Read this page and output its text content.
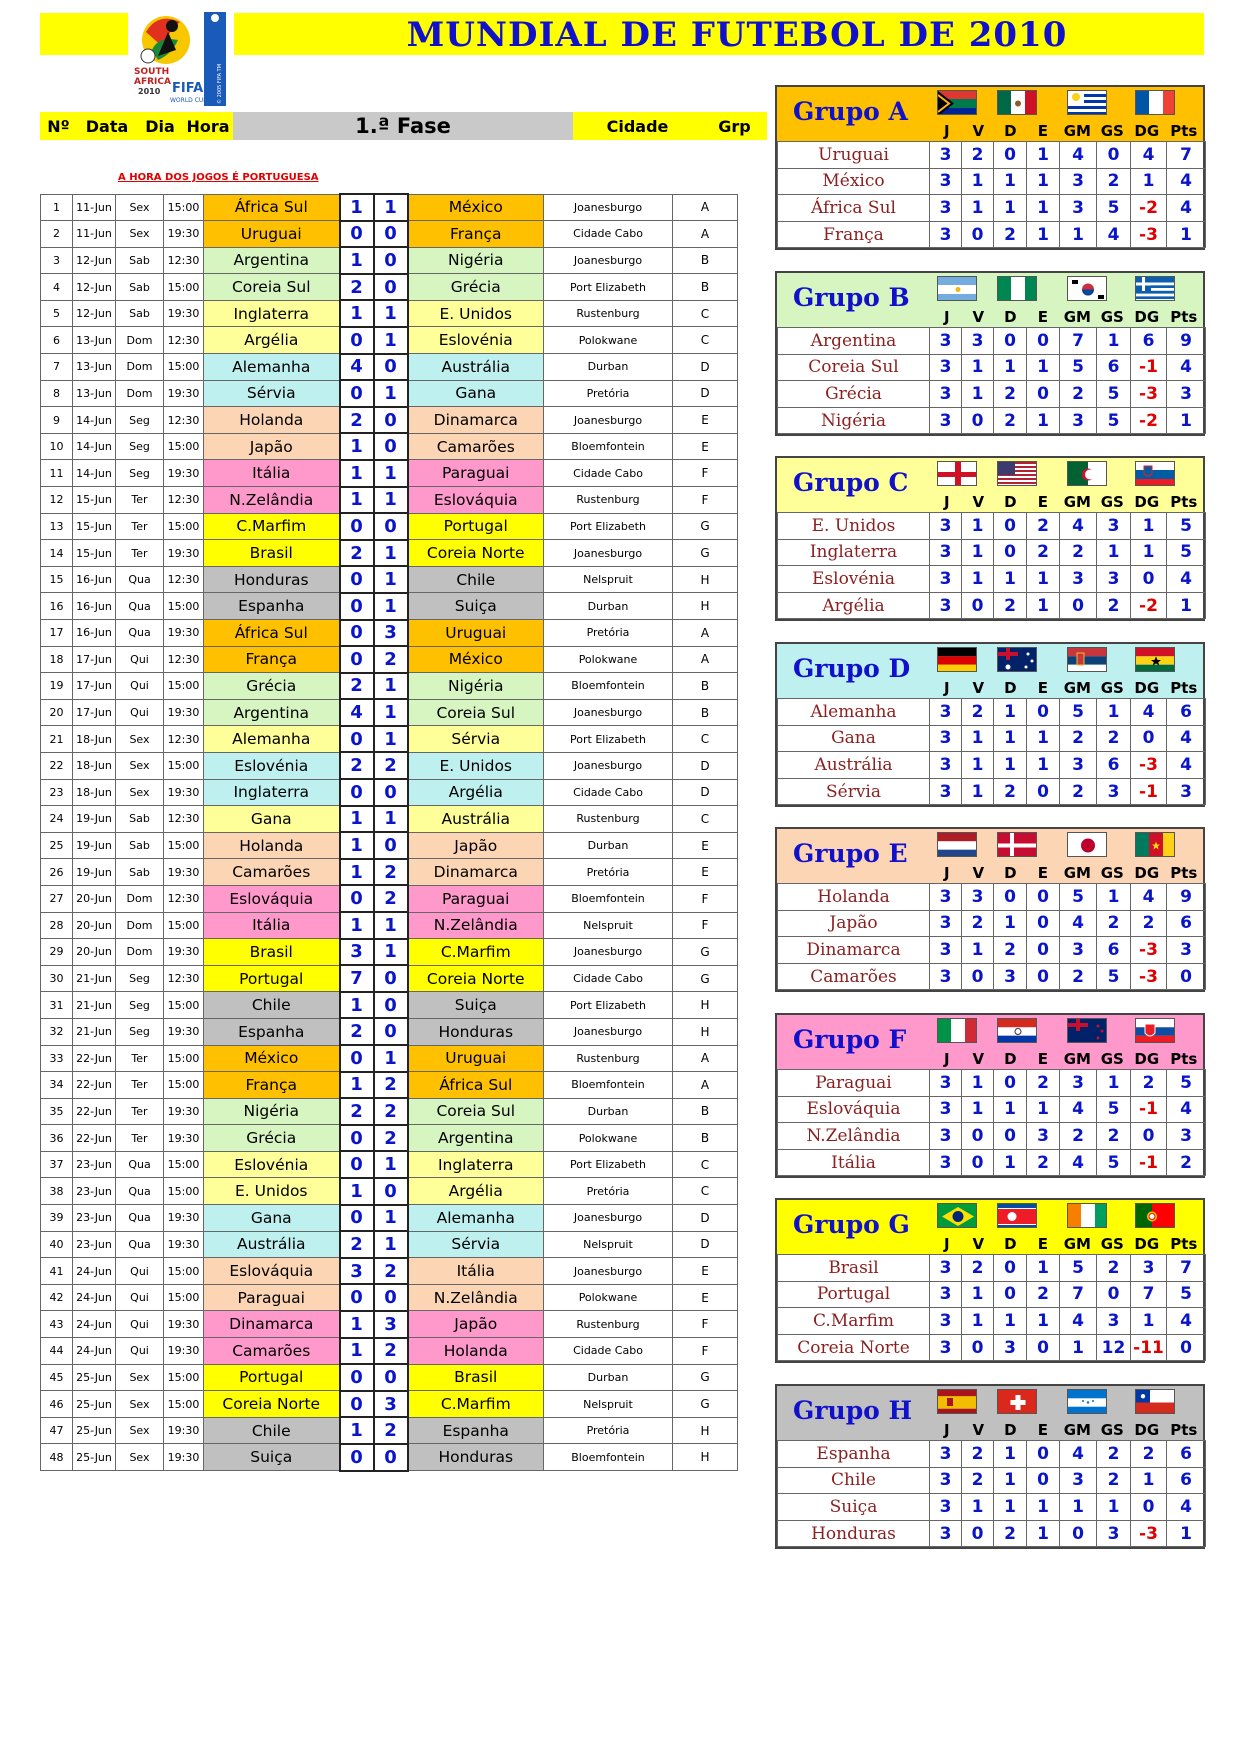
MUNDIAL DE FUTEBOL DE 2010
SOUTH
AFRICA
2010 FIFA
WORLD CUP © 2005 FIFA TM
Nº	Data	Dia Hora	1.ª Fase	Cidade	Grp
A HORA DOS JOGOS É PORTUGUESA
1	11-Jun	Sex	15:00	África Sul	1	1	México	Joanesburgo	A
2	11-Jun	Sex	19:30	Uruguai	0	0	França	Cidade Cabo	A
3	12-Jun	Sab	12:30	Argentina	1	0	Nigéria	Joanesburgo	B
4	12-Jun	Sab	15:00	Coreia Sul	2	0	Grécia	Port Elizabeth	B
5	12-Jun	Sab	19:30	Inglaterra	1	1	E. Unidos	Rustenburg	C
6	13-Jun	Dom	12:30	Argélia	0	1	Eslovénia	Polokwane	C
7	13-Jun	Dom	15:00	Alemanha	4	0	Austrália	Durban	D
8	13-Jun	Dom	19:30	Sérvia	0	1	Gana	Pretória	D
9	14-Jun	Seg	12:30	Holanda	2	0	Dinamarca	Joanesburgo	E
10	14-Jun	Seg	15:00	Japão	1	0	Camarões	Bloemfontein	E
11	14-Jun	Seg	19:30	Itália	1	1	Paraguai	Cidade Cabo	F
12	15-Jun	Ter	12:30	N.Zelândia	1	1	Eslováquia	Rustenburg	F
13	15-Jun	Ter	15:00	C.Marfim	0	0	Portugal	Port Elizabeth	G
14	15-Jun	Ter	19:30	Brasil	2	1	Coreia Norte	Joanesburgo	G
15	16-Jun	Qua	12:30	Honduras	0	1	Chile	Nelspruit	H
16	16-Jun	Qua	15:00	Espanha	0	1	Suiça	Durban	H
17	16-Jun	Qua	19:30	África Sul	0	3	Uruguai	Pretória	A
18	17-Jun	Qui	12:30	França	0	2	México	Polokwane	A
19	17-Jun	Qui	15:00	Grécia	2	1	Nigéria	Bloemfontein	B
20	17-Jun	Qui	19:30	Argentina	4	1	Coreia Sul	Joanesburgo	B
21	18-Jun	Sex	12:30	Alemanha	0	1	Sérvia	Port Elizabeth	C
22	18-Jun	Sex	15:00	Eslovénia	2	2	E. Unidos	Joanesburgo	D
23	18-Jun	Sex	19:30	Inglaterra	0	0	Argélia	Cidade Cabo	D
24	19-Jun	Sab	12:30	Gana	1	1	Austrália	Rustenburg	C
25	19-Jun	Sab	15:00	Holanda	1	0	Japão	Durban	E
26	19-Jun	Sab	19:30	Camarões	1	2	Dinamarca	Pretória	E
27	20-Jun	Dom	12:30	Eslováquia	0	2	Paraguai	Bloemfontein	F
28	20-Jun	Dom	15:00	Itália	1	1	N.Zelândia	Nelspruit	F
29	20-Jun	Dom	19:30	Brasil	3	1	C.Marfim	Joanesburgo	G
30	21-Jun	Seg	12:30	Portugal	7	0	Coreia Norte	Cidade Cabo	G
31	21-Jun	Seg	15:00	Chile	1	0	Suiça	Port Elizabeth	H
32	21-Jun	Seg	19:30	Espanha	2	0	Honduras	Joanesburgo	H
33	22-Jun	Ter	15:00	México	0	1	Uruguai	Rustenburg	A
34	22-Jun	Ter	15:00	França	1	2	África Sul	Bloemfontein	A
35	22-Jun	Ter	19:30	Nigéria	2	2	Coreia Sul	Durban	B
36	22-Jun	Ter	19:30	Grécia	0	2	Argentina	Polokwane	B
37	23-Jun	Qua	15:00	Eslovénia	0	1	Inglaterra	Port Elizabeth	C
38	23-Jun	Qua	15:00	E. Unidos	1	0	Argélia	Pretória	C
39	23-Jun	Qua	19:30	Gana	0	1	Alemanha	Joanesburgo	D
40	23-Jun	Qua	19:30	Austrália	2	1	Sérvia	Nelspruit	D
41	24-Jun	Qui	15:00	Eslováquia	3	2	Itália	Joanesburgo	E
42	24-Jun	Qui	15:00	Paraguai	0	0	N.Zelândia	Polokwane	E
43	24-Jun	Qui	19:30	Dinamarca	1	3	Japão	Rustenburg	F
44	24-Jun	Qui	19:30	Camarões	1	2	Holanda	Cidade Cabo	F
45	25-Jun	Sex	15:00	Portugal	0	0	Brasil	Durban	G
46	25-Jun	Sex	15:00	Coreia Norte	0	3	C.Marfim	Nelspruit	G
47	25-Jun	Sex	19:30	Chile	1	2	Espanha	Pretória	H
48	25-Jun	Sex	19:30	Suiça	0	0	Honduras	Bloemfontein	H
Grupo A
J	V	D	E	GM GS DG Pts
Uruguai	3	2	0	1	4	0	4	7
México	3	1	1	1	3	2	1	4
África Sul	3	1	1	1	3	5	-2	4
França	3	0	2	1	1	4	-3	1
Grupo B
J	V	D	E	GM GS DG Pts
Argentina	3	3	0	0	7	1	6	9
Coreia Sul	3	1	1	1	5	6	-1	4
Grécia	3	1	2	0	2	5	-3	3
Nigéria	3	0	2	1	3	5	-2	1
Grupo C
J	V	D	E	GM GS DG Pts
E. Unidos	3	1	0	2	4	3	1	5
Inglaterra	3	1	0	2	2	1	1	5
Eslovénia	3	1	1	1	3	3	0	4
Argélia	3	0	2	1	0	2	-2	1
Grupo D
J	V	D	E	GM GS DG Pts
Alemanha	3	2	1	0	5	1	4	6
Gana	3	1	1	1	2	2	0	4
Austrália	3	1	1	1	3	6	-3	4
Sérvia	3	1	2	0	2	3	-1	3
Grupo E
J	V	D	E	GM GS DG Pts
Holanda	3	3	0	0	5	1	4	9
Japão	3	2	1	0	4	2	2	6
Dinamarca	3	1	2	0	3	6	-3	3
Camarões	3	0	3	0	2	5	-3	0
Grupo F
J	V	D	E	GM GS DG Pts
Paraguai	3	1	0	2	3	1	2	5
Eslováquia	3	1	1	1	4	5	-1	4
N.Zelândia	3	0	0	3	2	2	0	3
Itália	3	0	1	2	4	5	-1	2
Grupo G
J	V	D	E	GM GS DG Pts
Brasil	3	2	0	1	5	2	3	7
Portugal	3	1	0	2	7	0	7	5
C.Marfim	3	1	1	1	4	3	1	4
Coreia Norte	3	0	3	0	1	12	-11	0
Grupo H
J	V	D	E	GM GS DG Pts
Espanha	3	2	1	0	4	2	2	6
Chile	3	2	1	0	3	2	1	6
Suiça	3	1	1	1	1	1	0	4
Honduras	3	0	2	1	0	3	-3	1
